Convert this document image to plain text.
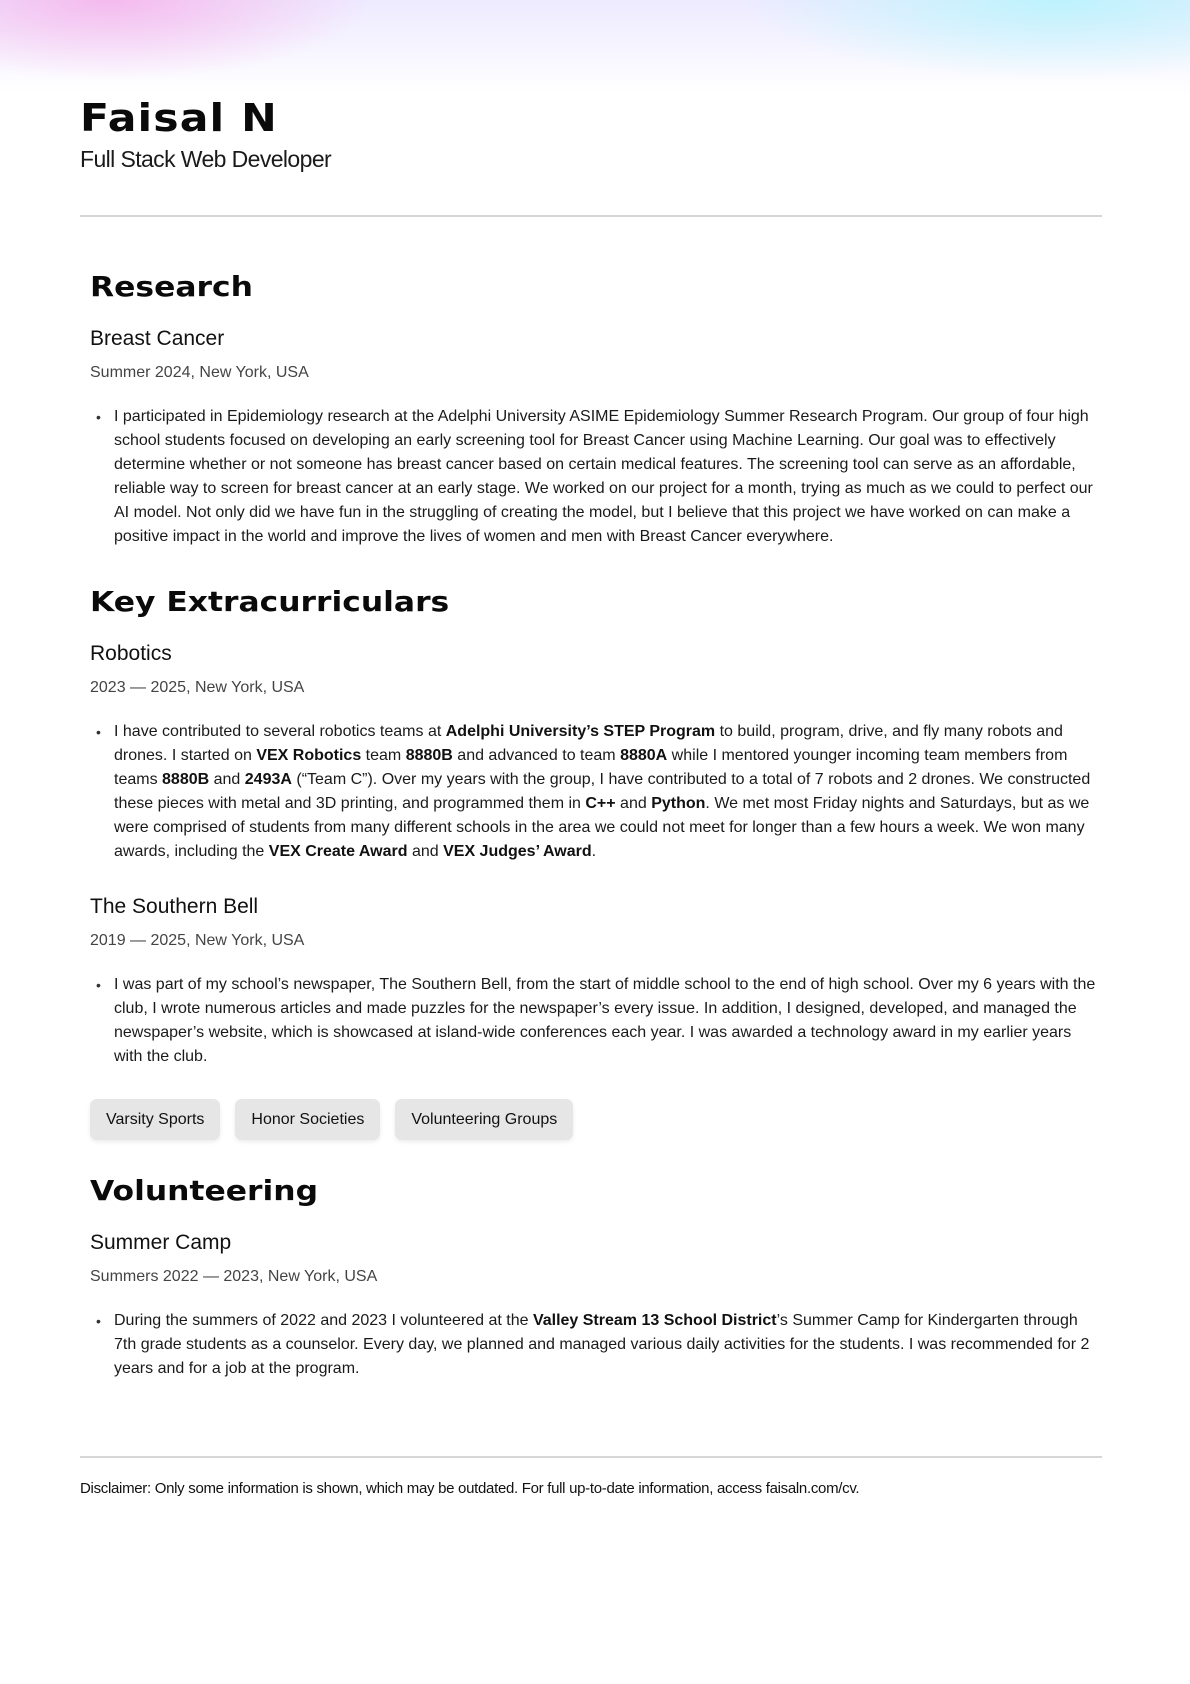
Faisal N
Full Stack Web Developer
Research
Breast Cancer
Summer 2024, New York, USA
• I participated in Epidemiology research at the Adelphi University ASIME Epidemiology Summer Research Program. Our group of four high school students focused on developing an early screening tool for Breast Cancer using Machine Learning. Our goal was to effectively determine whether or not someone has breast cancer based on certain medical features. The screening tool can serve as an affordable, reliable way to screen for breast cancer at an early stage. We worked on our project for a month, trying as much as we could to perfect our AI model. Not only did we have fun in the struggling of creating the model, but I believe that this project we have worked on can make a positive impact in the world and improve the lives of women and men with Breast Cancer everywhere.
Key Extracurriculars
Robotics
2023 — 2025, New York, USA
• I have contributed to several robotics teams at Adelphi University’s STEP Program to build, program, drive, and fly many robots and drones. I started on VEX Robotics team 8880B and advanced to team 8880A while I mentored younger incoming team members from teams 8880B and 2493A (“Team C”). Over my years with the group, I have contributed to a total of 7 robots and 2 drones. We constructed these pieces with metal and 3D printing, and programmed them in C++ and Python. We met most Friday nights and Saturdays, but as we were comprised of students from many different schools in the area we could not meet for longer than a few hours a week. We won many awards, including the VEX Create Award and VEX Judges’ Award.
The Southern Bell
2019 — 2025, New York, USA
• I was part of my school’s newspaper, The Southern Bell, from the start of middle school to the end of high school. Over my 6 years with the club, I wrote numerous articles and made puzzles for the newspaper’s every issue. In addition, I designed, developed, and managed the newspaper’s website, which is showcased at island-wide conferences each year. I was awarded a technology award in my earlier years with the club.
Varsity Sports	Honor Societies	Volunteering Groups
Volunteering
Summer Camp
Summers 2022 — 2023, New York, USA
• During the summers of 2022 and 2023 I volunteered at the Valley Stream 13 School District’s Summer Camp for Kindergarten through 7th grade students as a counselor. Every day, we planned and managed various daily activities for the students. I was recommended for 2 years and for a job at the program.
Disclaimer: Only some information is shown, which may be outdated. For full up-to-date information, access faisaln.com/cv.
